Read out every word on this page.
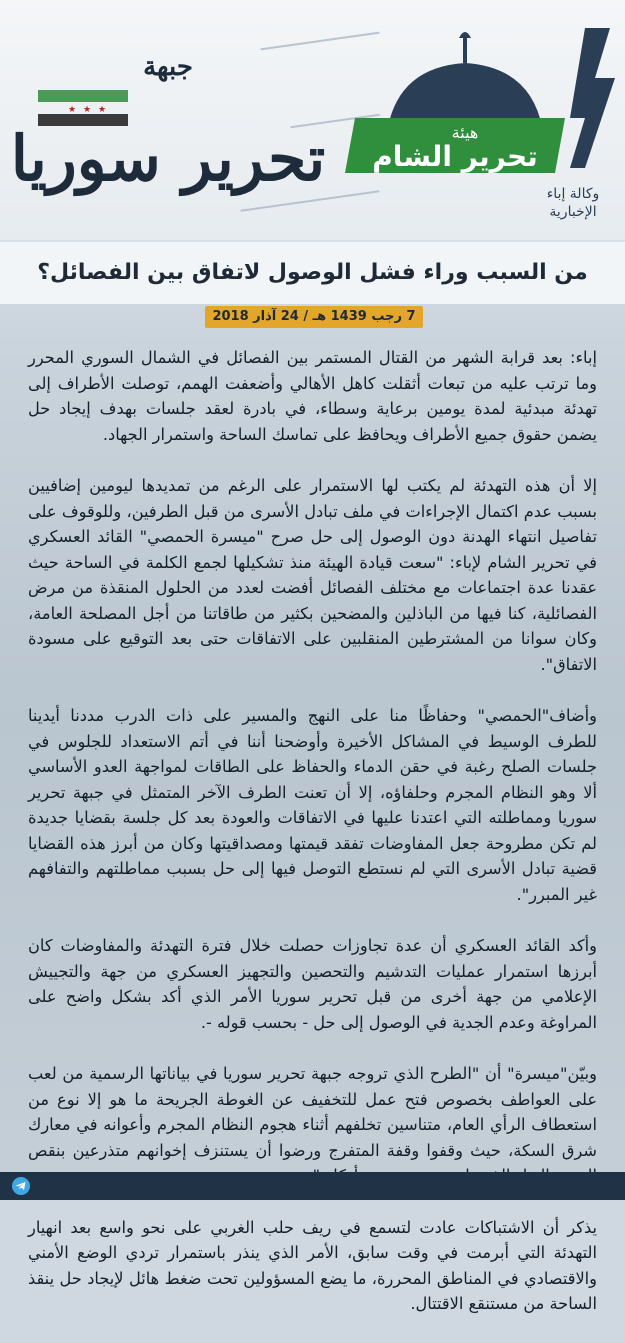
★ ★ ★
جبهة
تحرير سوريا	هيئة
تحرير الشام
وكالة إباء
الإخبارية
من السبب وراء فشل الوصول لاتفاق بين الفصائل؟
7 رجب 1439 هـ / 24 آذار 2018

إباء: بعد قرابة الشهر من القتال المستمر بين الفصائل في الشمال السوري المحرر وما ترتب عليه من تبعات أثقلت كاهل الأهالي وأضعفت الهمم، توصلت الأطراف إلى تهدئة مبدئية لمدة يومين برعاية وسطاء، في بادرة لعقد جلسات بهدف إيجاد حل يضمن حقوق جميع الأطراف ويحافظ على تماسك الساحة واستمرار الجهاد.

إلا أن هذه التهدئة لم يكتب لها الاستمرار على الرغم من تمديدها ليومين إضافيين بسبب عدم اكتمال الإجراءات في ملف تبادل الأسرى من قبل الطرفين، وللوقوف على تفاصيل انتهاء الهدنة دون الوصول إلى حل صرح "ميسرة الحمصي" القائد العسكري في تحرير الشام لإباء: "سعت قيادة الهيئة منذ تشكيلها لجمع الكلمة في الساحة حيث عقدنا عدة اجتماعات مع مختلف الفصائل أفضت لعدد من الحلول المنقذة من مرض الفصائلية، كنا فيها من الباذلين والمضحين بكثير من طاقاتنا من أجل المصلحة العامة، وكان سوانا من المشترطين المنقلبين على الاتفاقات حتى بعد التوقيع على مسودة الاتفاق".

وأضاف"الحمصي" وحفاظًا منا على النهج والمسير على ذات الدرب مددنا أيدينا للطرف الوسيط في المشاكل الأخيرة وأوضحنا أننا في أتم الاستعداد للجلوس في جلسات الصلح رغبة في حقن الدماء والحفاظ على الطاقات لمواجهة العدو الأساسي ألا وهو النظام المجرم وحلفاؤه، إلا أن تعنت الطرف الآخر المتمثل في جبهة تحرير سوريا ومماطلته التي اعتدنا عليها في الاتفاقات والعودة بعد كل جلسة بقضايا جديدة لم تكن مطروحة جعل المفاوضات تفقد قيمتها ومصداقيتها وكان من أبرز هذه القضايا قضية تبادل الأسرى التي لم نستطع التوصل فيها إلى حل بسبب مماطلتهم والتفافهم غير المبرر".

وأكد القائد العسكري أن عدة تجاوزات حصلت خلال فترة التهدئة والمفاوضات كان أبرزها استمرار عمليات التدشيم والتحصين والتجهيز العسكري من جهة والتجييش الإعلامي من جهة أخرى من قبل تحرير سوريا الأمر الذي أكد بشكل واضح على المراوغة وعدم الجدية في الوصول إلى حل - بحسب قوله -.

وبيّن"ميسرة" أن "الطرح الذي تروجه جبهة تحرير سوريا في بياناتها الرسمية من لعب على العواطف بخصوص فتح عمل للتخفيف عن الغوطة الجريحة ما هو إلا نوع من استعطاف الرأي العام، متناسين تخلفهم أثناء هجوم النظام المجرم وأعوانه في معارك شرق السكة، حيث وقفوا وقفة المتفرج ورضوا أن يستنزف إخوانهم متذرعين بنقص

يذكر أن الاشتباكات عادت لتسمع في ريف حلب الغربي على نحو واسع بعد انهيار التهدئة التي أبرمت في وقت سابق، الأمر الذي ينذر باستمرار تردي الوضع الأمني والاقتصادي في المناطق المحررة، ما يضع المسؤولين تحت ضغط هائل لإيجاد حل ينقذ الساحة من مستنقع الاقتتال.
